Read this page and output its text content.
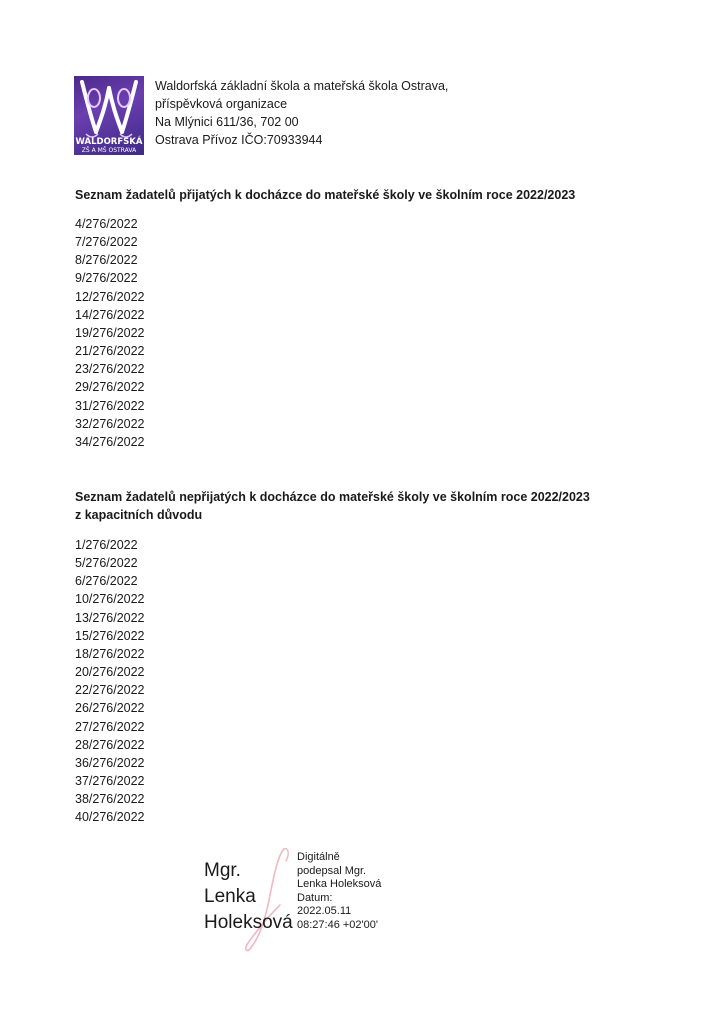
WALDORFSKÁ
ZŠ A MŠ OSTRAVA
Waldorfská základní škola a mateřská škola Ostrava,
příspěvková organizace
Na Mlýnici 611/36, 702 00
Ostrava Přívoz IČO:70933944
Seznam žadatelů přijatých k docházce do mateřské školy ve školním roce 2022/2023
4/276/2022
7/276/2022
8/276/2022
9/276/2022
12/276/2022
14/276/2022
19/276/2022
21/276/2022
23/276/2022
29/276/2022
31/276/2022
32/276/2022
34/276/2022
Seznam žadatelů nepřijatých k docházce do mateřské školy ve školním roce 2022/2023
z kapacitních důvodu
1/276/2022
5/276/2022
6/276/2022
10/276/2022
13/276/2022
15/276/2022
18/276/2022
20/276/2022
22/276/2022
26/276/2022
27/276/2022
28/276/2022
36/276/2022
37/276/2022
38/276/2022
40/276/2022
Mgr.
Lenka
Holeksová
Digitálně
podepsal Mgr.
Lenka Holeksová
Datum:
2022.05.11
08:27:46 +02'00'
